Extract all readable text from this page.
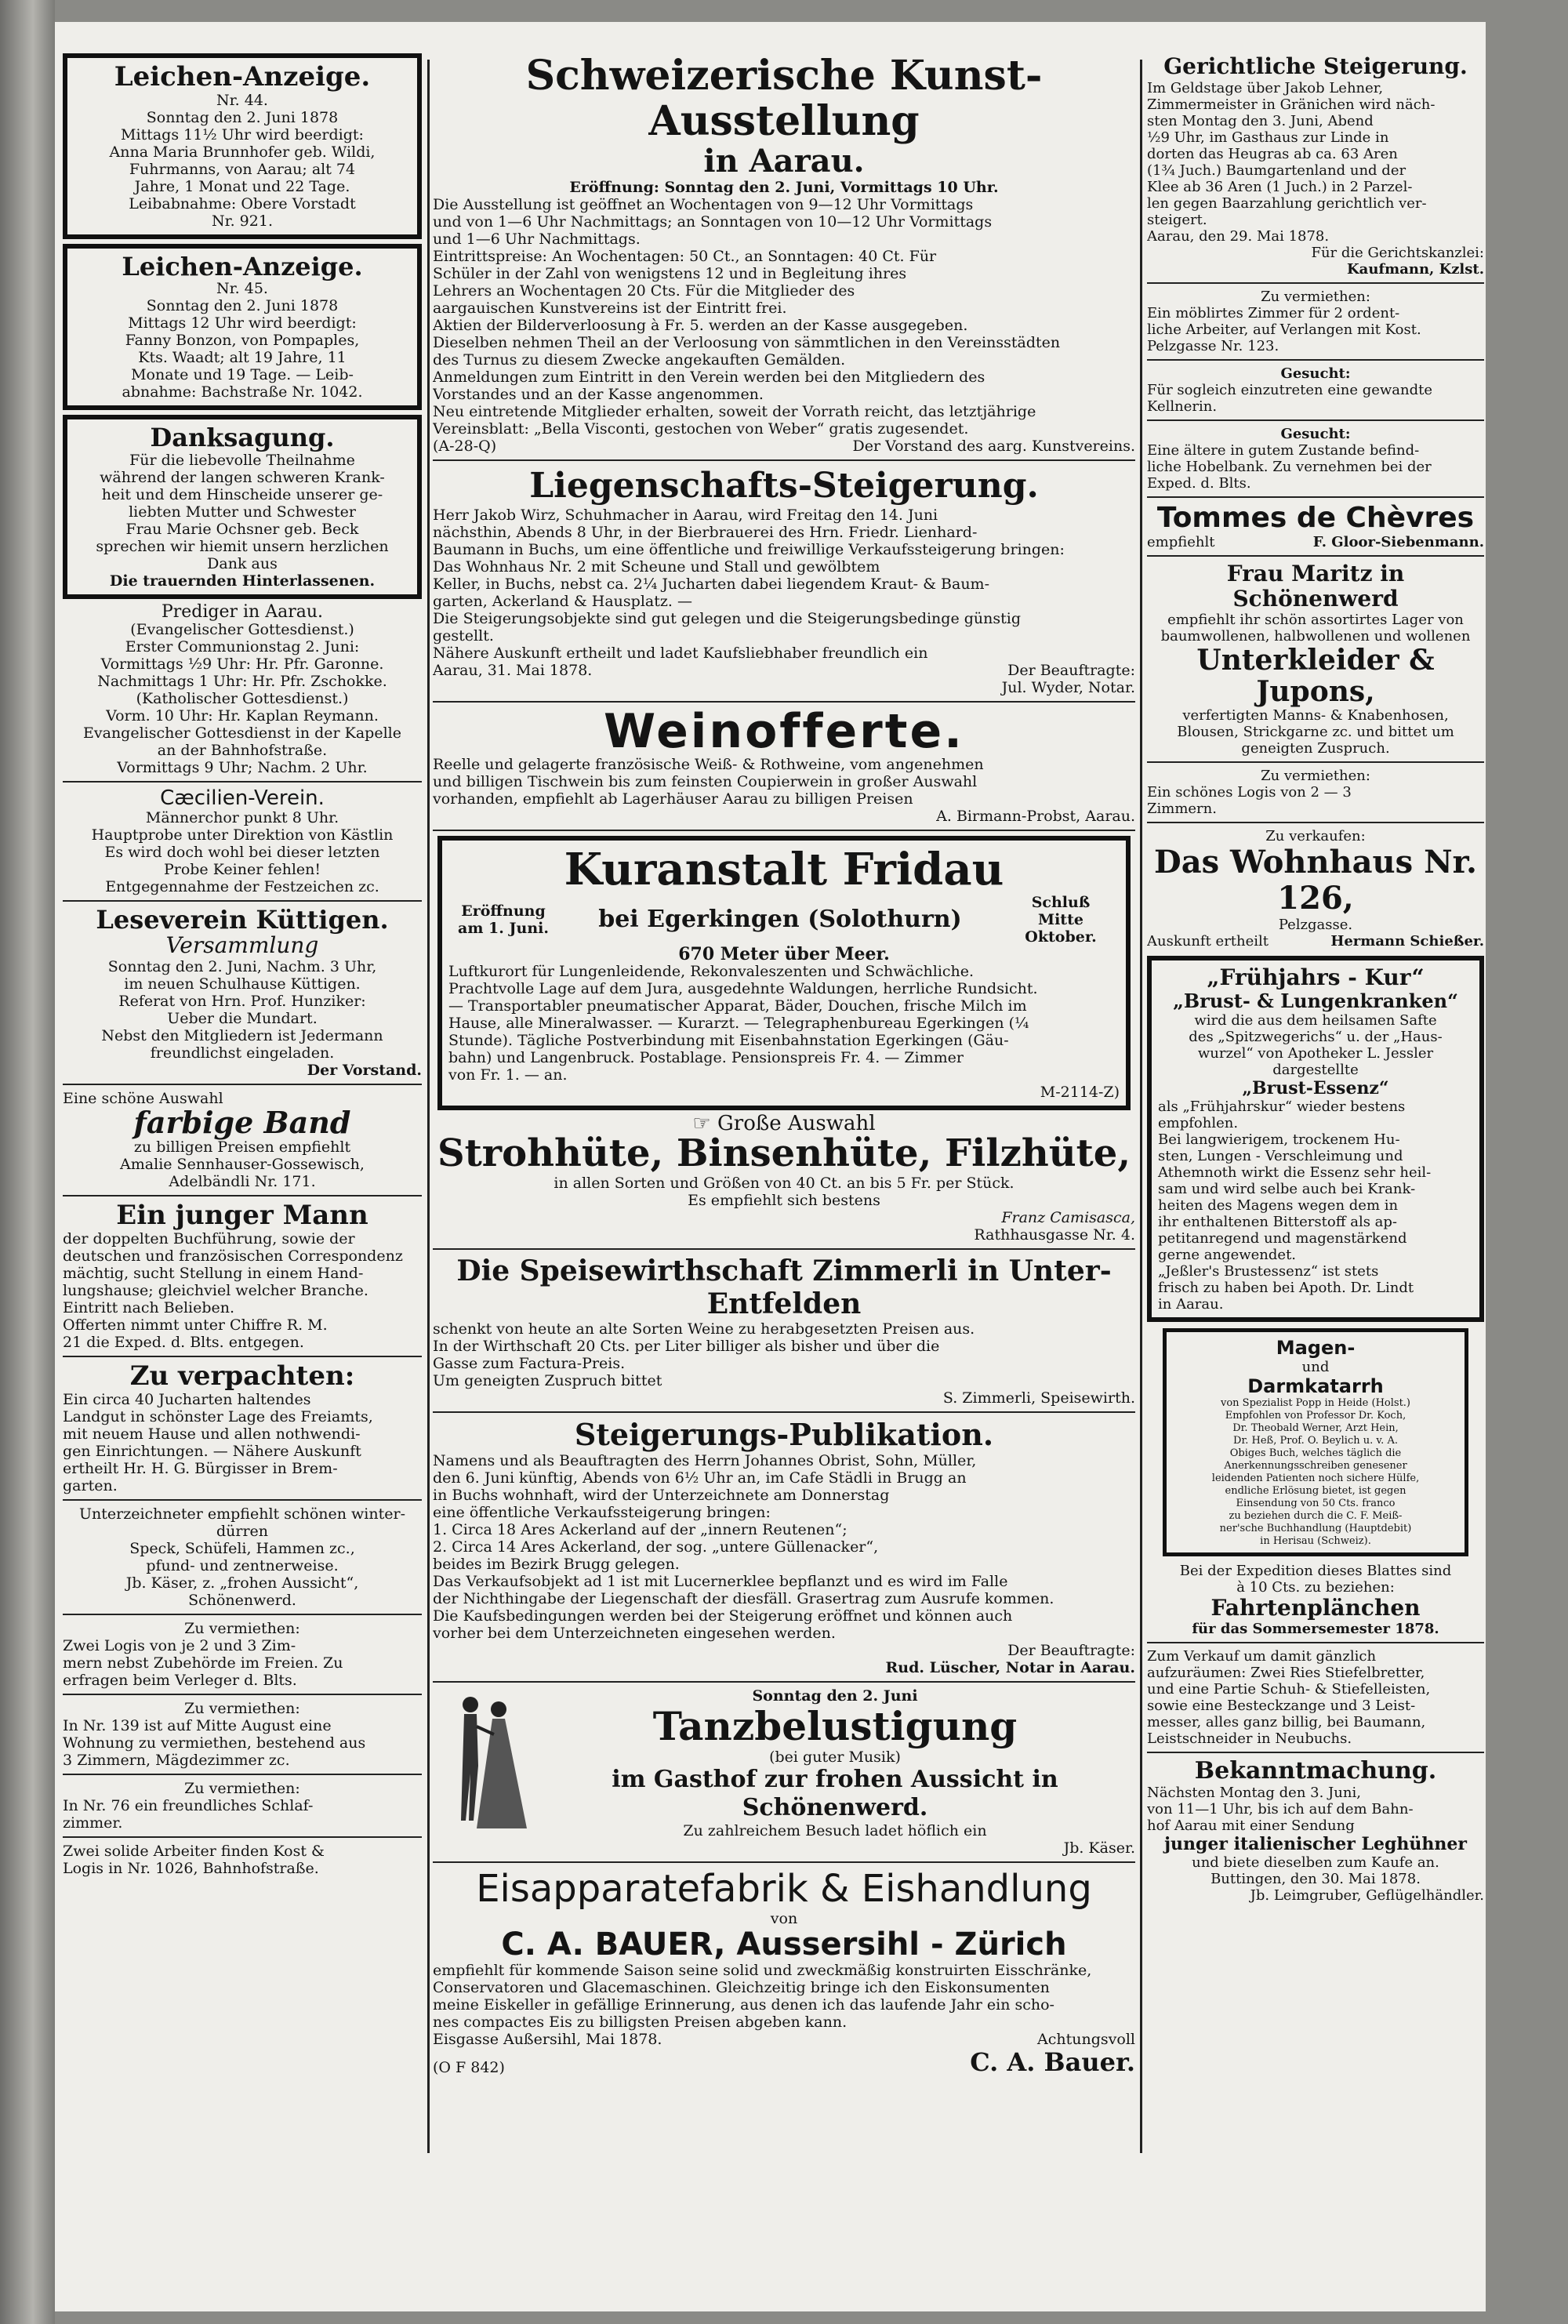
Leichen-Anzeige.
Nr. 44.
Sonntag den 2. Juni 1878
Mittags 11½ Uhr wird beerdigt:
Anna Maria Brunnhofer geb. Wildi,
Fuhrmanns, von Aarau; alt 74
Jahre, 1 Monat und 22 Tage.
Leibabnahme: Obere Vorstadt
Nr. 921.
Leichen-Anzeige.
Nr. 45.
Sonntag den 2. Juni 1878
Mittags 12 Uhr wird beerdigt:
Fanny Bonzon, von Pompaples,
Kts. Waadt; alt 19 Jahre, 11
Monate und 19 Tage. — Leib-
abnahme: Bachstraße Nr. 1042.
Danksagung.
Für die liebevolle Theilnahme
während der langen schweren Krank-
heit und dem Hinscheide unserer ge-
liebten Mutter und Schwester
Frau Marie Ochsner geb. Beck
sprechen wir hiemit unsern herzlichen
Dank aus
Die trauernden Hinterlassenen.
Prediger in Aarau.
(Evangelischer Gottesdienst.)
Erster Communionstag 2. Juni:
Vormittags ½9 Uhr: Hr. Pfr. Garonne.
Nachmittags 1 Uhr: Hr. Pfr. Zschokke.
(Katholischer Gottesdienst.)
Vorm. 10 Uhr: Hr. Kaplan Reymann.
Evangelischer Gottesdienst in der Kapelle
an der Bahnhofstraße.
Vormittags 9 Uhr; Nachm. 2 Uhr.
Cæcilien-Verein.
Männerchor punkt 8 Uhr.
Hauptprobe unter Direktion von Kästlin
Es wird doch wohl bei dieser letzten
Probe Keiner fehlen!
Entgegennahme der Festzeichen zc.
Leseverein Küttigen.
Versammlung
Sonntag den 2. Juni, Nachm. 3 Uhr,
im neuen Schulhause Küttigen.
Referat von Hrn. Prof. Hunziker:
Ueber die Mundart.
Nebst den Mitgliedern ist Jedermann
freundlichst eingeladen.
Der Vorstand.
Eine schöne Auswahl
farbige Band
zu billigen Preisen empfiehlt
Amalie Sennhauser-Gossewisch,
Adelbändli Nr. 171.
Ein junger Mann
der doppelten Buchführung, sowie der
deutschen und französischen Correspondenz
mächtig, sucht Stellung in einem Hand-
lungshause; gleichviel welcher Branche.
Eintritt nach Belieben.
Offerten nimmt unter Chiffre R. M.
21 die Exped. d. Blts. entgegen.
Zu verpachten:
Ein circa 40 Jucharten haltendes
Landgut in schönster Lage des Freiamts,
mit neuem Hause und allen nothwendi-
gen Einrichtungen. — Nähere Auskunft
ertheilt Hr. H. G. Bürgisser in Brem-
garten.
Unterzeichneter empfiehlt schönen winter-
dürren
Speck, Schüfeli, Hammen zc.,
pfund- und zentnerweise.
Jb. Käser, z. „frohen Aussicht“,
Schönenwerd.
Zu vermiethen:
Zwei Logis von je 2 und 3 Zim-
mern nebst Zubehörde im Freien. Zu
erfragen beim Verleger d. Blts.
Zu vermiethen:
In Nr. 139 ist auf Mitte August eine
Wohnung zu vermiethen, bestehend aus
3 Zimmern, Mägdezimmer zc.
Zu vermiethen:
In Nr. 76 ein freundliches Schlaf-
zimmer.
Zwei solide Arbeiter finden Kost &
Logis in Nr. 1026, Bahnhofstraße.
Schweizerische Kunst-Ausstellung
in Aarau.
Eröffnung: Sonntag den 2. Juni, Vormittags 10 Uhr.
Die Ausstellung ist geöffnet an Wochentagen von 9—12 Uhr Vormittags
und von 1—6 Uhr Nachmittags; an Sonntagen von 10—12 Uhr Vormittags
und 1—6 Uhr Nachmittags.
Eintrittspreise: An Wochentagen: 50 Ct., an Sonntagen: 40 Ct. Für
Schüler in der Zahl von wenigstens 12 und in Begleitung ihres
Lehrers an Wochentagen 20 Cts. Für die Mitglieder des
aargauischen Kunstvereins ist der Eintritt frei.
Aktien der Bilderverloosung à Fr. 5. werden an der Kasse ausgegeben.
Dieselben nehmen Theil an der Verloosung von sämmtlichen in den Vereinsstädten
des Turnus zu diesem Zwecke angekauften Gemälden.
Anmeldungen zum Eintritt in den Verein werden bei den Mitgliedern des
Vorstandes und an der Kasse angenommen.
Neu eintretende Mitglieder erhalten, soweit der Vorrath reicht, das letztjährige
Vereinsblatt: „Bella Visconti, gestochen von Weber“ gratis zugesendet.
(A-28-Q)	Der Vorstand des aarg. Kunstvereins.
Liegenschafts-Steigerung.
Herr Jakob Wirz, Schuhmacher in Aarau, wird Freitag den 14. Juni
nächsthin, Abends 8 Uhr, in der Bierbrauerei des Hrn. Friedr. Lienhard-
Baumann in Buchs, um eine öffentliche und freiwillige Verkaufssteigerung bringen:
Das Wohnhaus Nr. 2 mit Scheune und Stall und gewölbtem
Keller, in Buchs, nebst ca. 2¼ Jucharten dabei liegendem Kraut- & Baum-
garten, Ackerland & Hausplatz. —
Die Steigerungsobjekte sind gut gelegen und die Steigerungsbedinge günstig
gestellt.
Nähere Auskunft ertheilt und ladet Kaufsliebhaber freundlich ein
Aarau, 31. Mai 1878.	Der Beauftragte:
Jul. Wyder, Notar.
Weinofferte.
Reelle und gelagerte französische Weiß- & Rothweine, vom angenehmen
und billigen Tischwein bis zum feinsten Coupierwein in großer Auswahl
vorhanden, empfiehlt ab Lagerhäuser Aarau zu billigen Preisen
A. Birmann-Probst, Aarau.
Kuranstalt Fridau
Eröffnung
am 1. Juni.	bei Egerkingen (Solothurn)
Schluß
Mitte Oktober.
670 Meter über Meer.
Luftkurort für Lungenleidende, Rekonvaleszenten und Schwächliche.
Prachtvolle Lage auf dem Jura, ausgedehnte Waldungen, herrliche Rundsicht.
— Transportabler pneumatischer Apparat, Bäder, Douchen, frische Milch im
Hause, alle Mineralwasser. — Kurarzt. — Telegraphenbureau Egerkingen (¼
Stunde). Tägliche Postverbindung mit Eisenbahnstation Egerkingen (Gäu-
bahn) und Langenbruck. Postablage. Pensionspreis Fr. 4. — Zimmer
von Fr. 1. — an.
M-2114-Z)
☞ Große Auswahl
Strohhüte, Binsenhüte, Filzhüte,
in allen Sorten und Größen von 40 Ct. an bis 5 Fr. per Stück.
Es empfiehlt sich bestens
Franz Camisasca,
Rathhausgasse Nr. 4.
Die Speisewirthschaft Zimmerli in Unter-Entfelden
schenkt von heute an alte Sorten Weine zu herabgesetzten Preisen aus.
In der Wirthschaft 20 Cts. per Liter billiger als bisher und über die
Gasse zum Factura-Preis.
Um geneigten Zuspruch bittet
S. Zimmerli, Speisewirth.
Steigerungs-Publikation.
Namens und als Beauftragten des Herrn Johannes Obrist, Sohn, Müller,
den 6. Juni künftig, Abends von 6½ Uhr an, im Cafe Städli in Brugg an
in Buchs wohnhaft, wird der Unterzeichnete am Donnerstag
eine öffentliche Verkaufssteigerung bringen:
1. Circa 18 Ares Ackerland auf der „innern Reutenen“;
2. Circa 14 Ares Ackerland, der sog. „untere Güllenacker“,
beides im Bezirk Brugg gelegen.
Das Verkaufsobjekt ad 1 ist mit Lucernerklee bepflanzt und es wird im Falle
der Nichthingabe der Liegenschaft der diesfäll. Grasertrag zum Ausrufe kommen.
Die Kaufsbedingungen werden bei der Steigerung eröffnet und können auch
vorher bei dem Unterzeichneten eingesehen werden.
Der Beauftragte:
Rud. Lüscher, Notar in Aarau.
Sonntag den 2. Juni
Tanzbelustigung
(bei guter Musik)
im Gasthof zur frohen Aussicht in Schönenwerd.
Zu zahlreichem Besuch ladet höflich ein
Jb. Käser.
Eisapparatefabrik & Eishandlung
von
C. A. BAUER, Aussersihl - Zürich
empfiehlt für kommende Saison seine solid und zweckmäßig konstruirten Eisschränke,
Conservatoren und Glacemaschinen. Gleichzeitig bringe ich den Eiskonsumenten
meine Eiskeller in gefällige Erinnerung, aus denen ich das laufende Jahr ein scho-
nes compactes Eis zu billigsten Preisen abgeben kann.
Eisgasse Außersihl, Mai 1878.	Achtungsvoll
(O F 842)	C. A. Bauer.
Gerichtliche Steigerung.
Im Geldstage über Jakob Lehner,
Zimmermeister in Gränichen wird näch-
sten Montag den 3. Juni, Abend
½9 Uhr, im Gasthaus zur Linde in
dorten das Heugras ab ca. 63 Aren
(1¾ Juch.) Baumgartenland und der
Klee ab 36 Aren (1 Juch.) in 2 Parzel-
len gegen Baarzahlung gerichtlich ver-
steigert.
Aarau, den 29. Mai 1878.
Für die Gerichtskanzlei:
Kaufmann, Kzlst.
Zu vermiethen:
Ein möblirtes Zimmer für 2 ordent-
liche Arbeiter, auf Verlangen mit Kost.
Pelzgasse Nr. 123.
Gesucht:
Für sogleich einzutreten eine gewandte
Kellnerin.
Gesucht:
Eine ältere in gutem Zustande befind-
liche Hobelbank. Zu vernehmen bei der
Exped. d. Blts.
Tommes de Chèvres
empfiehlt	F. Gloor-Siebenmann.
Frau Maritz in Schönenwerd
empfiehlt ihr schön assortirtes Lager von
baumwollenen, halbwollenen und wollenen
Unterkleider & Jupons,
verfertigten Manns- & Knabenhosen,
Blousen, Strickgarne zc. und bittet um
geneigten Zuspruch.
Zu vermiethen:
Ein schönes Logis von 2 — 3
Zimmern.
Zu verkaufen:
Das Wohnhaus Nr. 126,
Pelzgasse.
Auskunft ertheilt	Hermann Schießer.
„Frühjahrs - Kur“
„Brust- & Lungenkranken“
wird die aus dem heilsamen Safte
des „Spitzwegerichs“ u. der „Haus-
wurzel“ von Apotheker L. Jessler
dargestellte
„Brust-Essenz“
als „Frühjahrskur“ wieder bestens
empfohlen.
Bei langwierigem, trockenem Hu-
sten, Lungen - Verschleimung und
Athemnoth wirkt die Essenz sehr heil-
sam und wird selbe auch bei Krank-
heiten des Magens wegen dem in
ihr enthaltenen Bitterstoff als ap-
petitanregend und magenstärkend
gerne angewendet.
„Jeßler's Brustessenz“ ist stets
frisch zu haben bei Apoth. Dr. Lindt
in Aarau.
Magen-
und
Darmkatarrh
von Spezialist Popp in Heide (Holst.)
Empfohlen von Professor Dr. Koch,
Dr. Theobald Werner, Arzt Hein,
Dr. Heß, Prof. O. Beylich u. v. A.
Obiges Buch, welches täglich die
Anerkennungsschreiben genesener
leidenden Patienten noch sichere Hülfe,
endliche Erlösung bietet, ist gegen
Einsendung von 50 Cts. franco
zu beziehen durch die C. F. Meiß-
ner'sche Buchhandlung (Hauptdebit)
in Herisau (Schweiz).
Bei der Expedition dieses Blattes sind
à 10 Cts. zu beziehen:
Fahrtenplänchen
für das Sommersemester 1878.
Zum Verkauf um damit gänzlich
aufzuräumen: Zwei Ries Stiefelbretter,
und eine Partie Schuh- & Stiefelleisten,
sowie eine Besteckzange und 3 Leist-
messer, alles ganz billig, bei Baumann,
Leistschneider in Neubuchs.
Bekanntmachung.
Nächsten Montag den 3. Juni,
von 11—1 Uhr, bis ich auf dem Bahn-
hof Aarau mit einer Sendung
junger italienischer Leghühner
und biete dieselben zum Kaufe an.
Buttingen, den 30. Mai 1878.
Jb. Leimgruber, Geflügelhändler.
